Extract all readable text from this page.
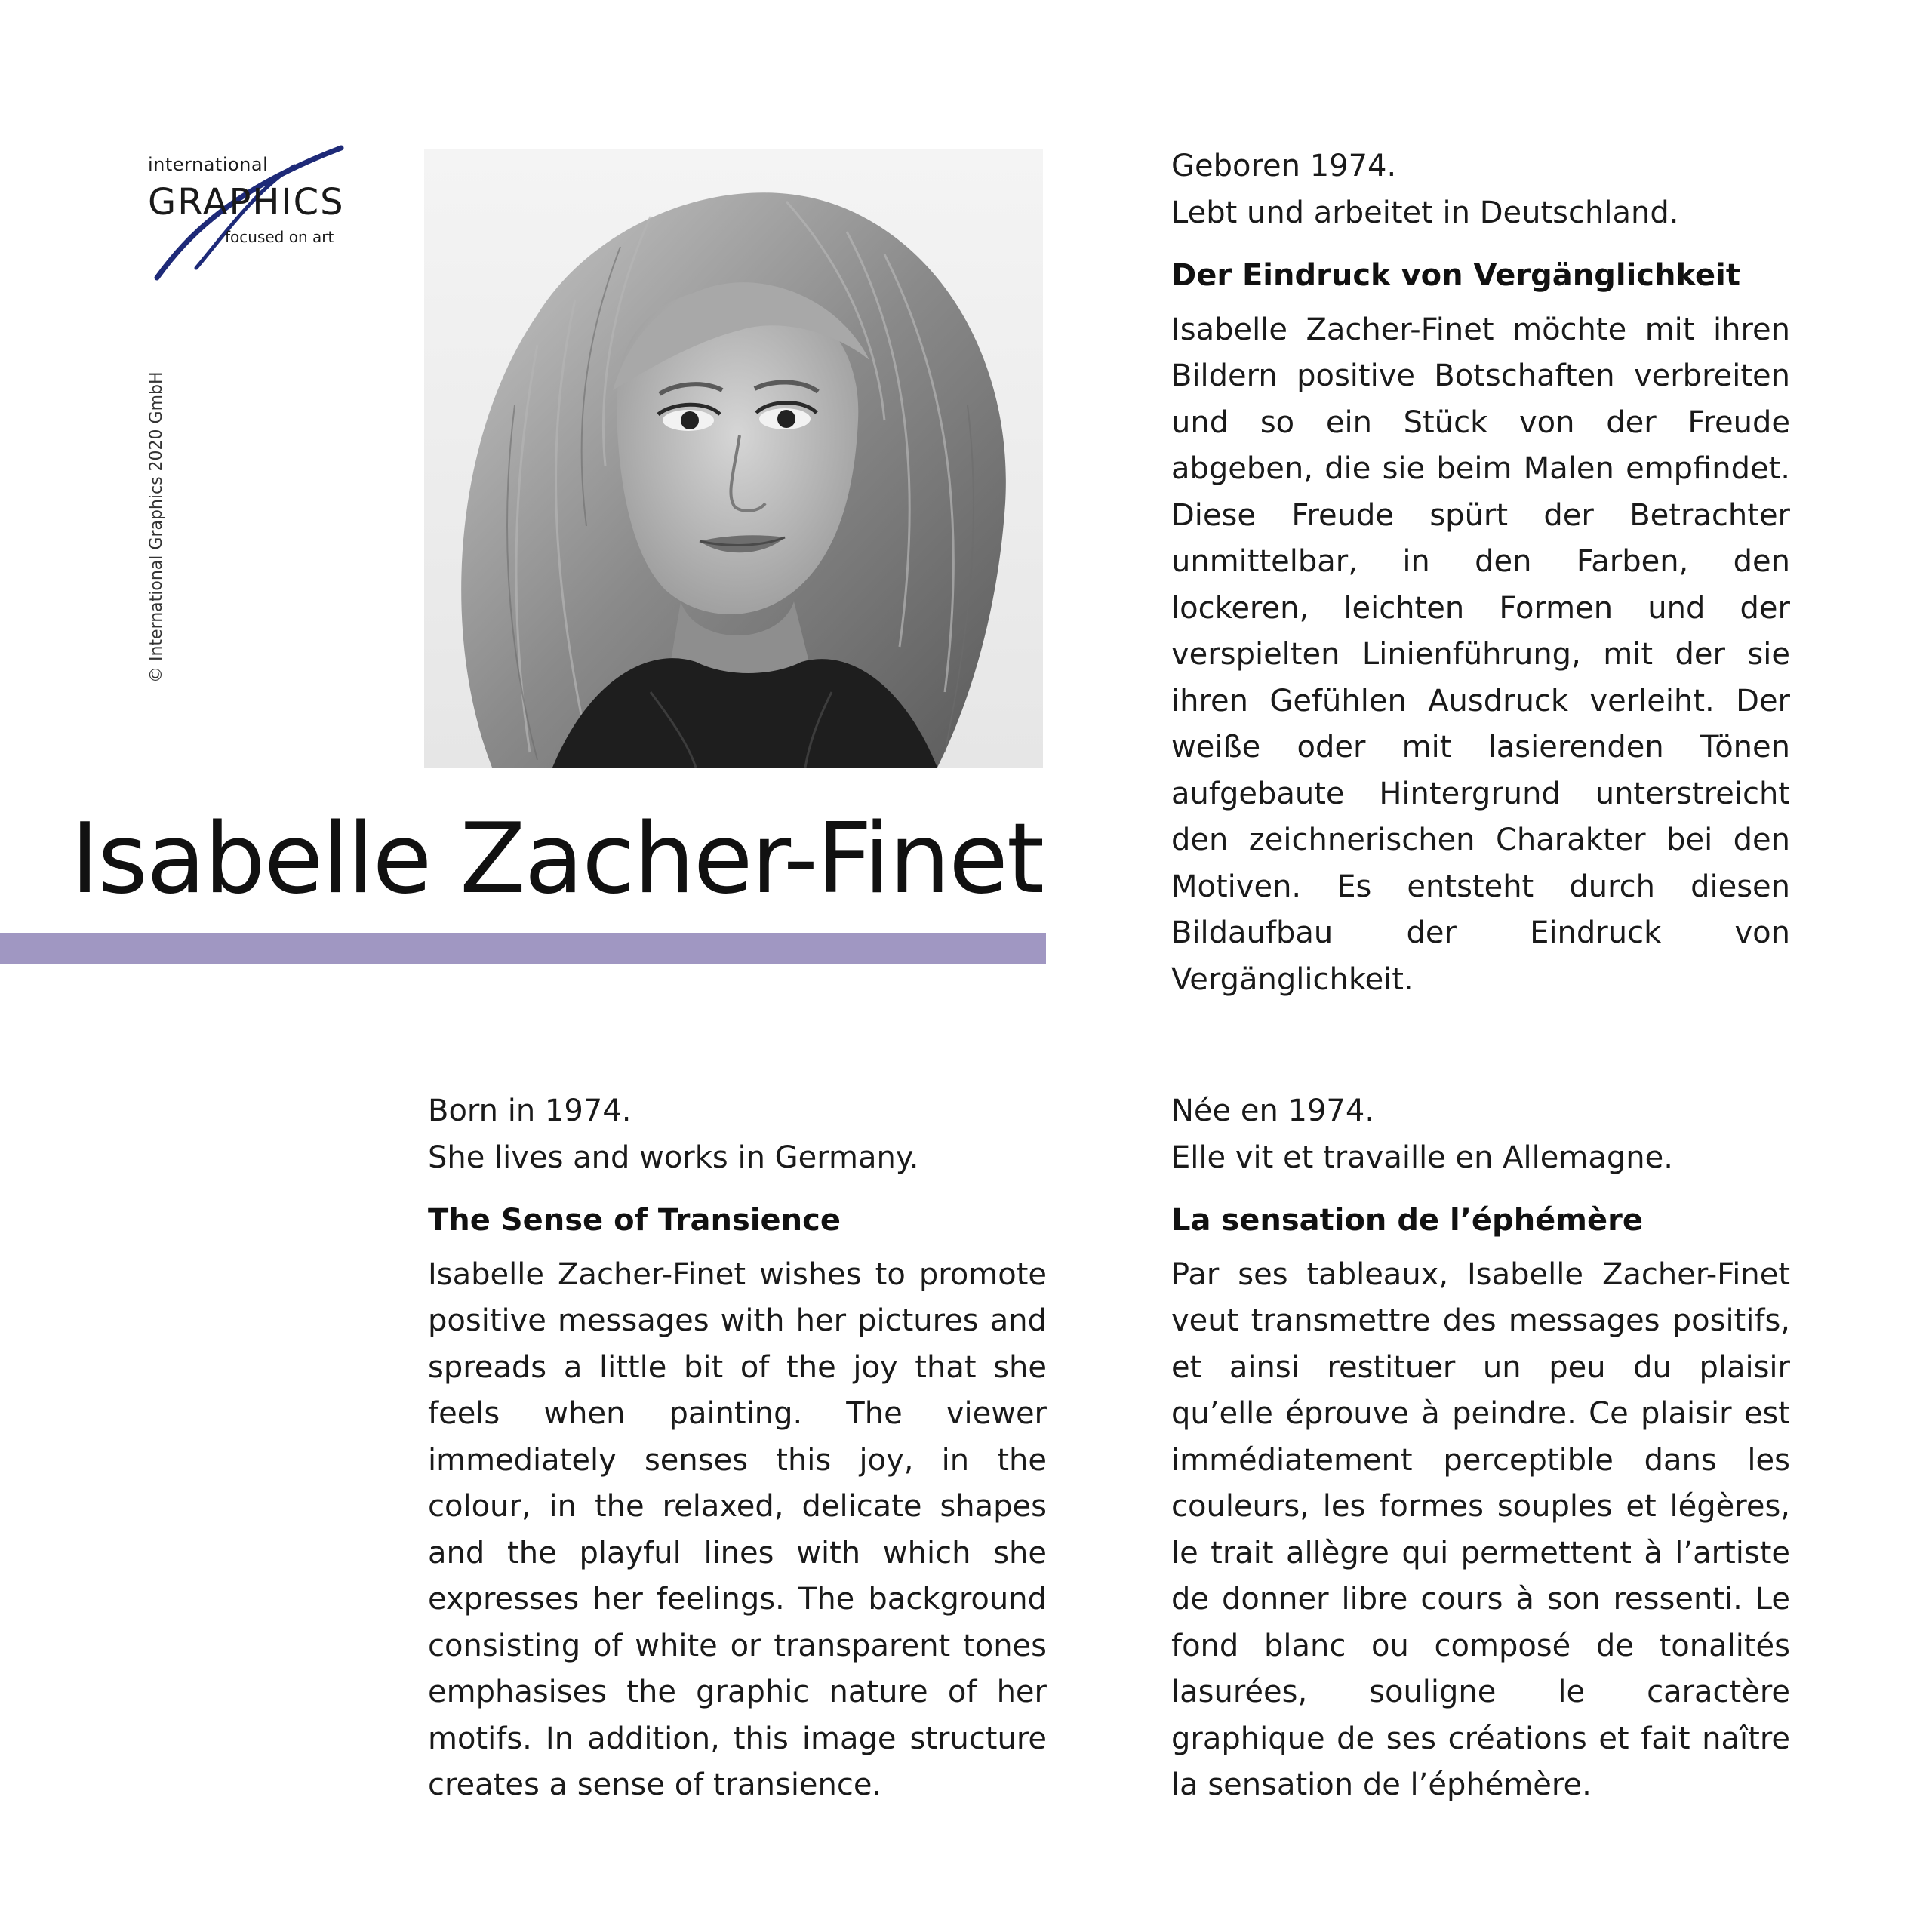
international
GRAPHICS
focused on art
© International Graphics 2020 GmbH
Isabelle Zacher-Finet
Geboren 1974.
Lebt und arbeitet in Deutschland.
Der Eindruck von Vergänglichkeit

Isabelle Zacher-Finet möchte mit ihren Bildern positive Botschaften verbreiten und so ein Stück von der Freude abgeben, die sie beim Malen empfindet. Diese Freude spürt der Betrachter unmittelbar, in den Farben, den lockeren, leichten Formen und der verspielten Linienführung, mit der sie ihren Gefühlen Ausdruck verleiht. Der weiße oder mit lasierenden Tönen aufgebaute Hintergrund unterstreicht den zeichnerischen Charakter bei den Motiven. Es entsteht durch diesen Bildaufbau der Eindruck von Vergänglichkeit.

Born in 1974.
She lives and works in Germany.
The Sense of Transience

Isabelle Zacher-Finet wishes to promote positive messages with her pictures and spreads a little bit of the joy that she feels when painting. The viewer immediately senses this joy, in the colour, in the relaxed, delicate shapes and the playful lines with which she expresses her feelings. The background consisting of white or transparent tones emphasises the graphic nature of her motifs. In addition, this image structure creates a sense of transience.

Née en 1974.
Elle vit et travaille en Allemagne.
La sensation de l’éphémère

Par ses tableaux, Isabelle Zacher-Finet veut transmettre des messages positifs, et ainsi restituer un peu du plaisir qu’elle éprouve à peindre. Ce plaisir est immédiatement perceptible dans les couleurs, les formes souples et légères, le trait allègre qui permettent à l’artiste de donner libre cours à son ressenti. Le fond blanc ou composé de tonalités lasurées, souligne le caractère graphique de ses créations et fait naître la sensation de l’éphémère.
